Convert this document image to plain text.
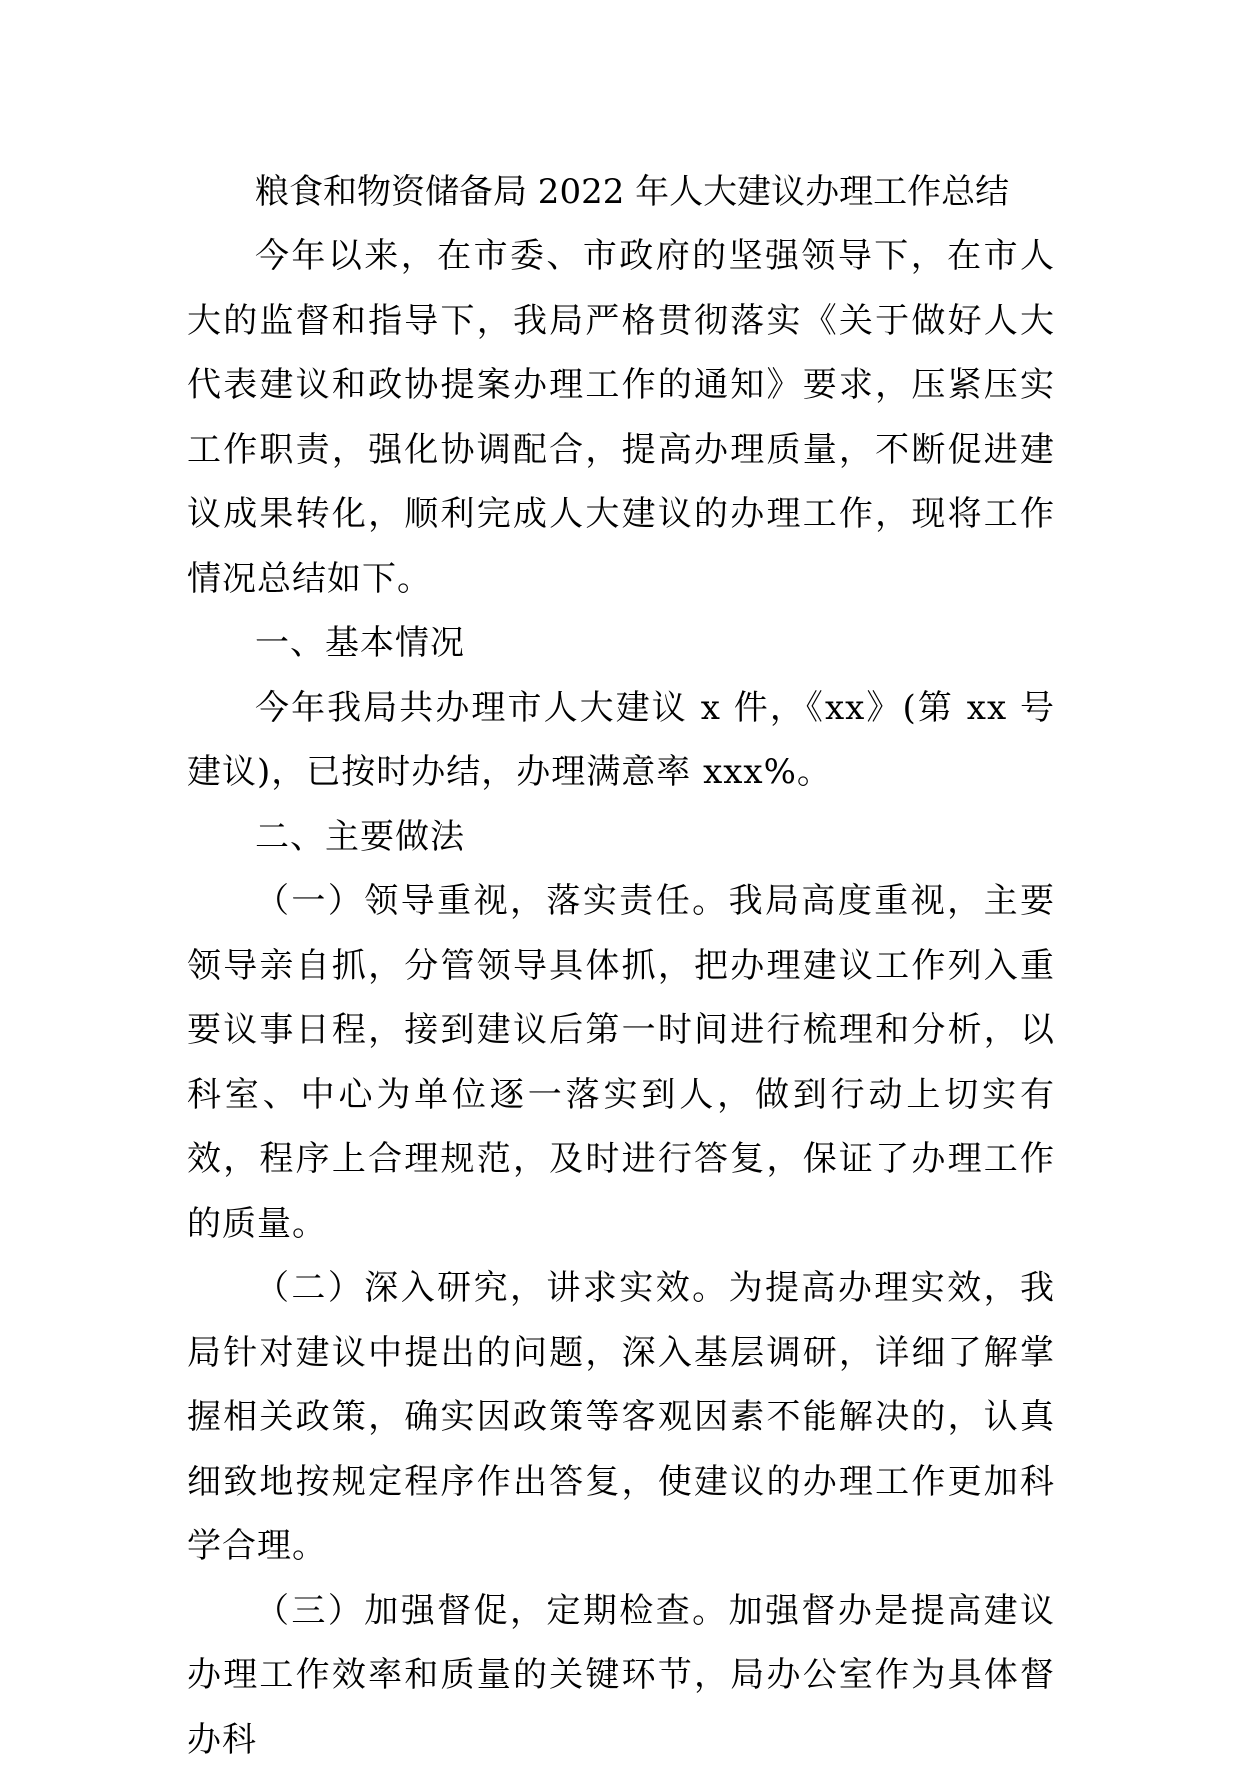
粮食和物资储备局 2022 年人大建议办理工作总结

今年以来，在市委、市政府的坚强领导下，在市人大的监督和指导下，我局严格贯彻落实《关于做好人大代表建议和政协提案办理工作的通知》要求，压紧压实工作职责，强化协调配合，提高办理质量，不断促进建议成果转化，顺利完成人大建议的办理工作，现将工作情况总结如下。

一、基本情况

今年我局共办理市人大建议 x 件，《xx》(第 xx 号建议)，已按时办结，办理满意率 xxx%。

二、主要做法

（一）领导重视，落实责任。我局高度重视，主要领导亲自抓，分管领导具体抓，把办理建议工作列入重要议事日程，接到建议后第一时间进行梳理和分析，以科室、中心为单位逐一落实到人，做到行动上切实有效，程序上合理规范，及时进行答复，保证了办理工作的质量。

（二）深入研究，讲求实效。为提高办理实效，我局针对建议中提出的问题，深入基层调研，详细了解掌握相关政策，确实因政策等客观因素不能解决的，认真细致地按规定程序作出答复，使建议的办理工作更加科学合理。

（三）加强督促，定期检查。加强督办是提高建议办理工作效率和质量的关键环节，局办公室作为具体督办科
